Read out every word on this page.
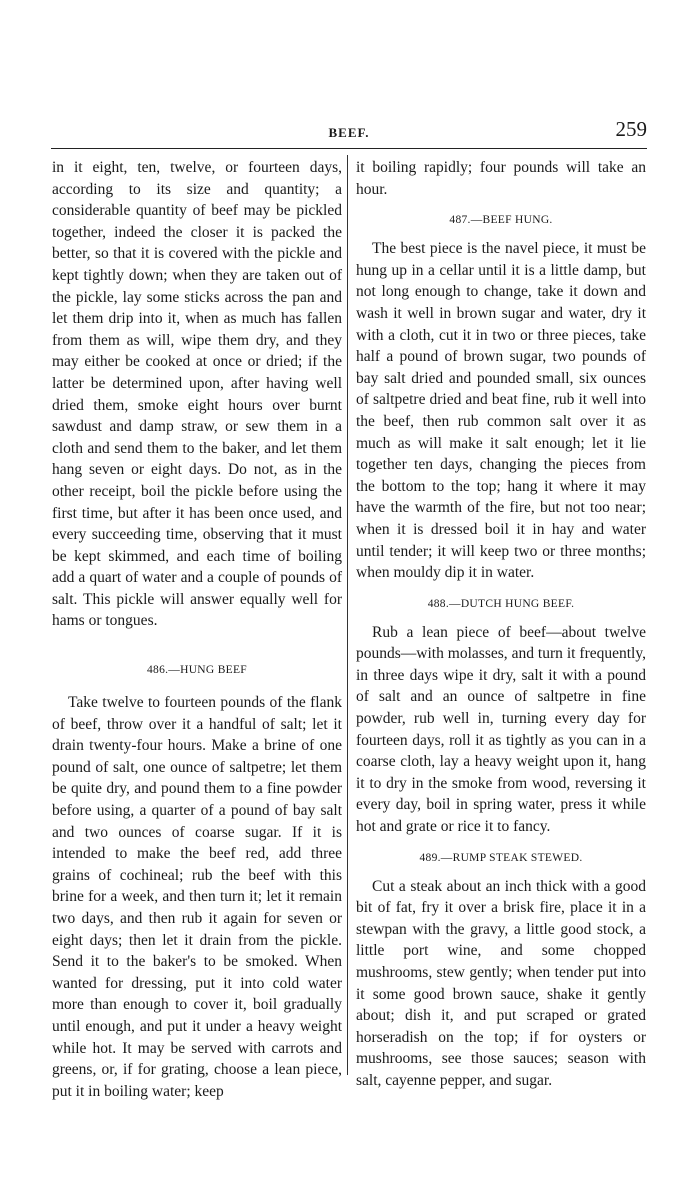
BEEF.	259

in it eight, ten, twelve, or fourteen days, according to its size and quantity; a considerable quantity of beef may be pickled together, indeed the closer it is packed the better, so that it is covered with the pickle and kept tightly down; when they are taken out of the pickle, lay some sticks across the pan and let them drip into it, when as much has fallen from them as will, wipe them dry, and they may either be cooked at once or dried; if the latter be determined upon, after having well dried them, smoke eight hours over burnt sawdust and damp straw, or sew them in a cloth and send them to the baker, and let them hang seven or eight days. Do not, as in the other receipt, boil the pickle before using the first time, but after it has been once used, and every succeeding time, observing that it must be kept skimmed, and each time of boiling add a quart of water and a couple of pounds of salt. This pickle will answer equally well for hams or tongues.

486.—HUNG BEEF

Take twelve to fourteen pounds of the flank of beef, throw over it a handful of salt; let it drain twenty-four hours. Make a brine of one pound of salt, one ounce of saltpetre; let them be quite dry, and pound them to a fine powder before using, a quarter of a pound of bay salt and two ounces of coarse sugar. If it is intended to make the beef red, add three grains of cochineal; rub the beef with this brine for a week, and then turn it; let it remain two days, and then rub it again for seven or eight days; then let it drain from the pickle. Send it to the baker's to be smoked. When wanted for dressing, put it into cold water more than enough to cover it, boil gradually until enough, and put it under a heavy weight while hot. It may be served with carrots and greens, or, if for grating, choose a lean piece, put it in boiling water; keep

it boiling rapidly; four pounds will take an hour.

487.—BEEF HUNG.

The best piece is the navel piece, it must be hung up in a cellar until it is a little damp, but not long enough to change, take it down and wash it well in brown sugar and water, dry it with a cloth, cut it in two or three pieces, take half a pound of brown sugar, two pounds of bay salt dried and pounded small, six ounces of saltpetre dried and beat fine, rub it well into the beef, then rub common salt over it as much as will make it salt enough; let it lie together ten days, changing the pieces from the bottom to the top; hang it where it may have the warmth of the fire, but not too near; when it is dressed boil it in hay and water until tender; it will keep two or three months; when mouldy dip it in water.

488.—DUTCH HUNG BEEF.

Rub a lean piece of beef—about twelve pounds—with molasses, and turn it frequently, in three days wipe it dry, salt it with a pound of salt and an ounce of saltpetre in fine powder, rub well in, turning every day for fourteen days, roll it as tightly as you can in a coarse cloth, lay a heavy weight upon it, hang it to dry in the smoke from wood, reversing it every day, boil in spring water, press it while hot and grate or rice it to fancy.

489.—RUMP STEAK STEWED.

Cut a steak about an inch thick with a good bit of fat, fry it over a brisk fire, place it in a stewpan with the gravy, a little good stock, a little port wine, and some chopped mushrooms, stew gently; when tender put into it some good brown sauce, shake it gently about; dish it, and put scraped or grated horseradish on the top; if for oysters or mushrooms, see those sauces; season with salt, cayenne pepper, and sugar.
